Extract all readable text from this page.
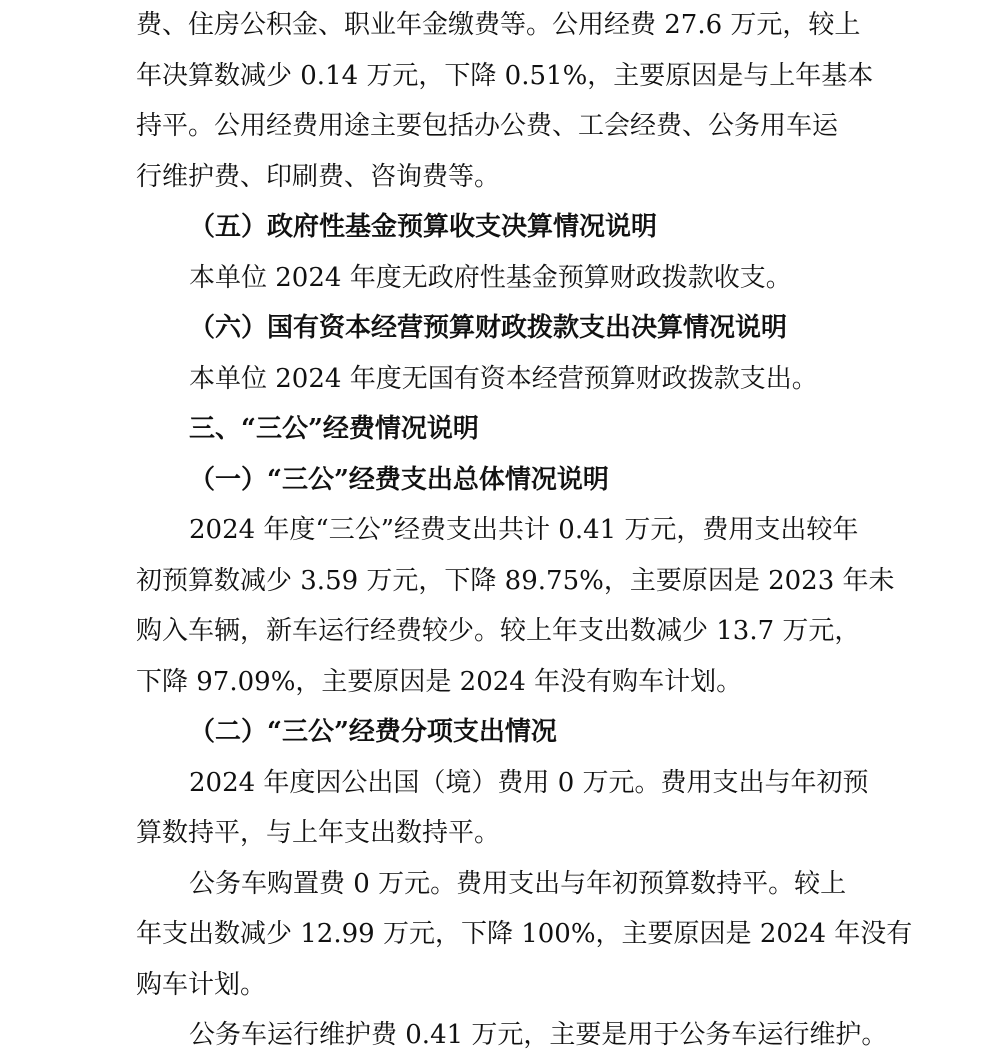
费、住房公积金、职业年金缴费等。公用经费 27.6 万元，较上
年决算数减少 0.14 万元，下降 0.51%，主要原因是与上年基本
持平。公用经费用途主要包括办公费、工会经费、公务用车运
行维护费、印刷费、咨询费等。
（五）政府性基金预算收支决算情况说明
本单位 2024 年度无政府性基金预算财政拨款收支。
（六）国有资本经营预算财政拨款支出决算情况说明
本单位 2024 年度无国有资本经营预算财政拨款支出。
三、“三公”经费情况说明
（一）“三公”经费支出总体情况说明
2024 年度“三公”经费支出共计 0.41 万元，费用支出较年
初预算数减少 3.59 万元，下降 89.75%，主要原因是 2023 年未
购入车辆，新车运行经费较少。较上年支出数减少 13.7 万元，
下降 97.09%，主要原因是 2024 年没有购车计划。
（二）“三公”经费分项支出情况
2024 年度因公出国（境）费用 0 万元。费用支出与年初预
算数持平，与上年支出数持平。
公务车购置费 0 万元。费用支出与年初预算数持平。较上
年支出数减少 12.99 万元，下降 100%，主要原因是 2024 年没有
购车计划。
公务车运行维护费 0.41 万元，主要是用于公务车运行维护。
